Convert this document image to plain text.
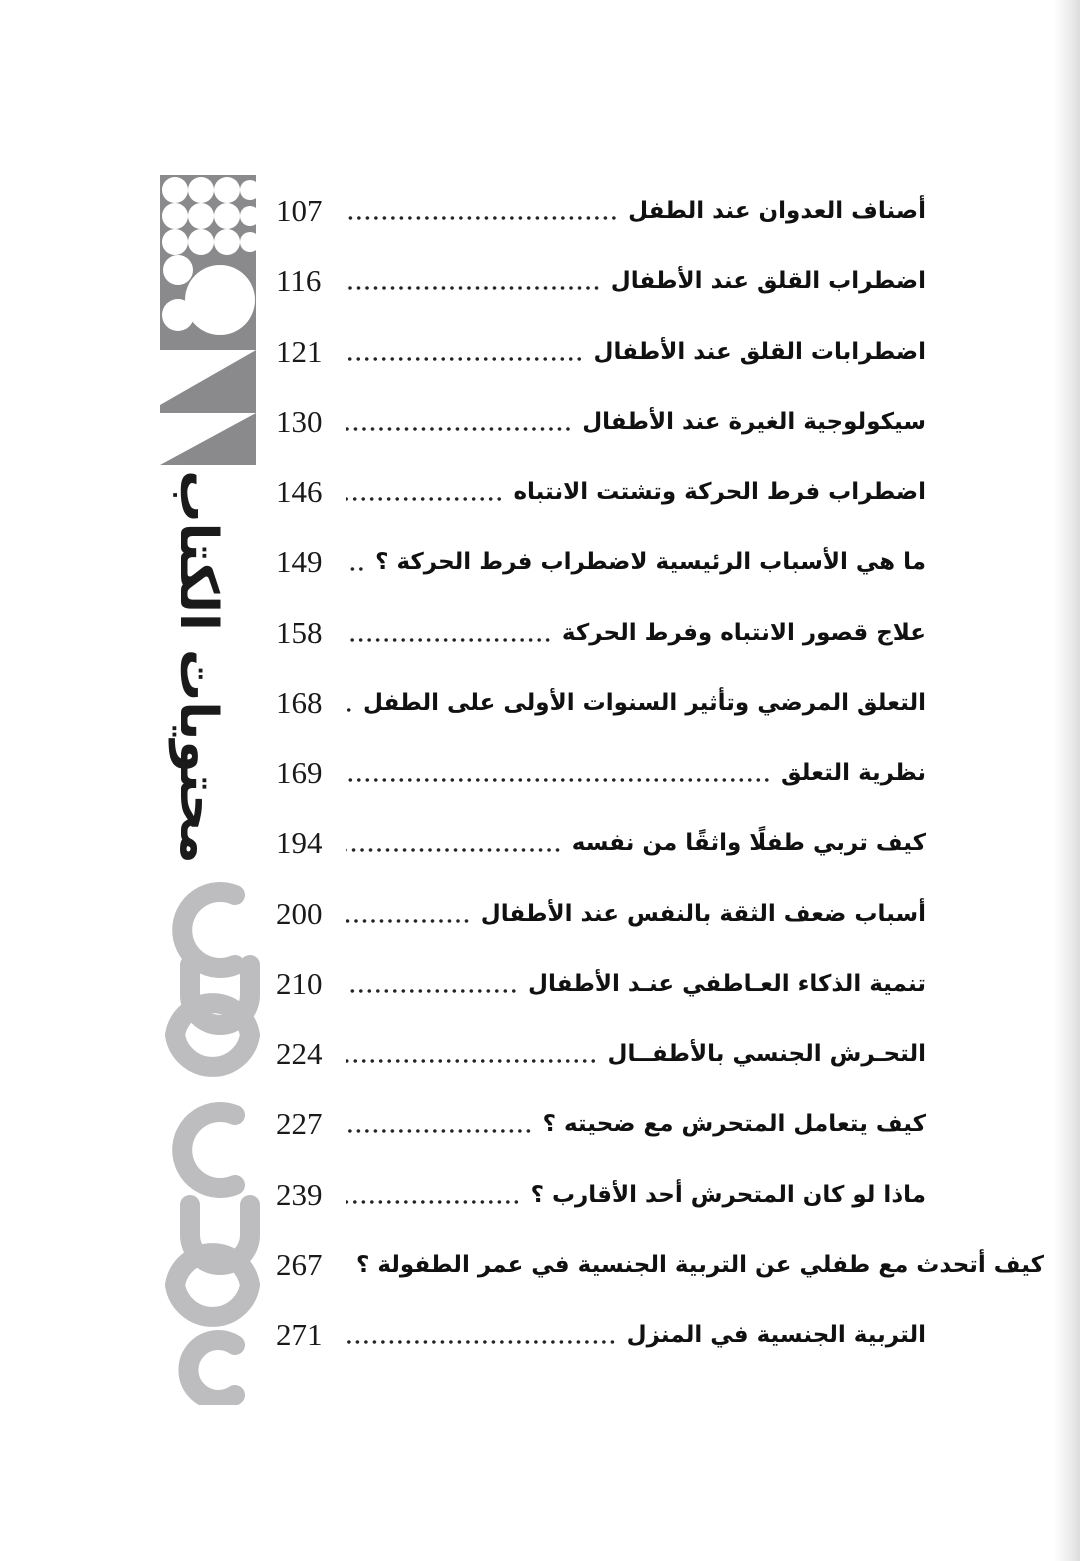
محتويات الكتاب
107	أصناف العدوان عند الطفل
116	اضطراب القلق عند الأطفال
121	اضطرابات القلق عند الأطفال
130	سيكولوجية الغيرة عند الأطفال
146	اضطراب فرط الحركة وتشتت الانتباه
149	ما هي الأسباب الرئيسية لاضطراب فرط الحركة ؟
158	علاج قصور الانتباه وفرط الحركة
168	التعلق المرضي وتأثير السنوات الأولى على الطفل
169	نظرية التعلق
194	كيف تربي طفلًا واثقًا من نفسه
200	أسباب ضعف الثقة بالنفس عند الأطفال
210	تنمية الذكاء العـاطفي عنـد الأطفال
224	التحـرش الجنسي بالأطفــال
227	كيف يتعامل المتحرش مع ضحيته ؟
239	ماذا لو كان المتحرش أحد الأقارب ؟
267	كيف أتحدث مع طفلي عن التربية الجنسية في عمر الطفولة ؟
271	التربية الجنسية في المنزل
